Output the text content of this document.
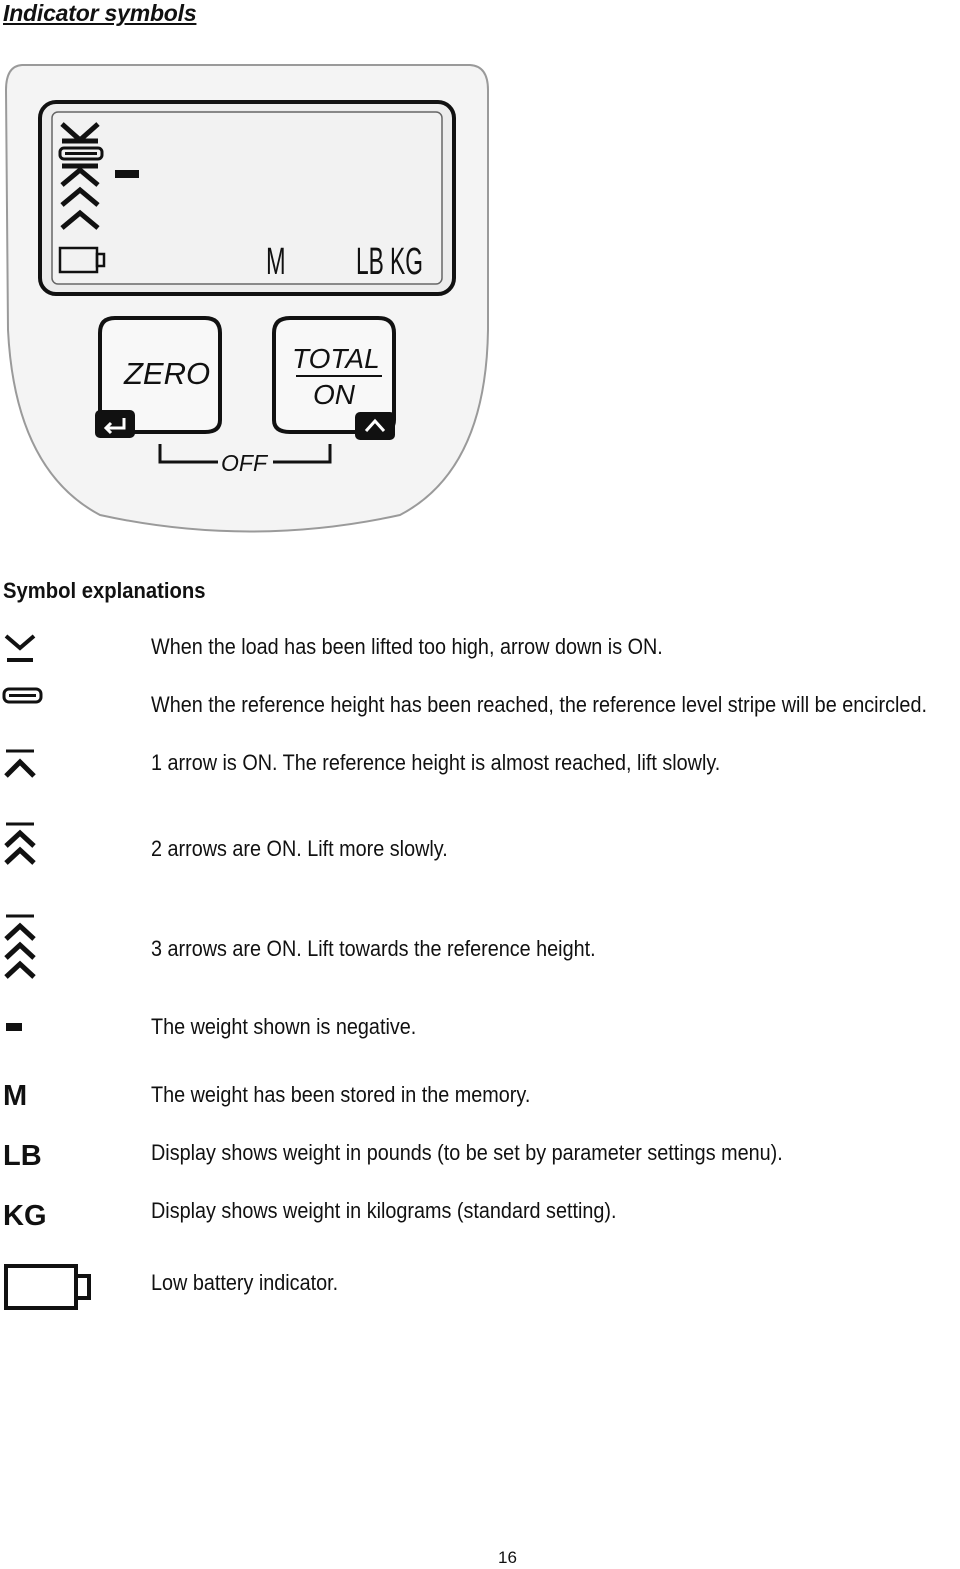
Indicator symbols
M LB KG
ZERO	TOTAL
ON
OFF
Symbol explanations
When the load has been lifted too high, arrow down is ON.
When the reference height has been reached, the reference level stripe will be encircled.
1 arrow is ON. The reference height is almost reached, lift slowly.
2 arrows are ON. Lift more slowly.
3 arrows are ON. Lift towards the reference height.
The weight shown is negative.
M	The weight has been stored in the memory.
LB	Display shows weight in pounds (to be set by parameter settings menu).
KG	Display shows weight in kilograms (standard setting).
Low battery indicator.
16
